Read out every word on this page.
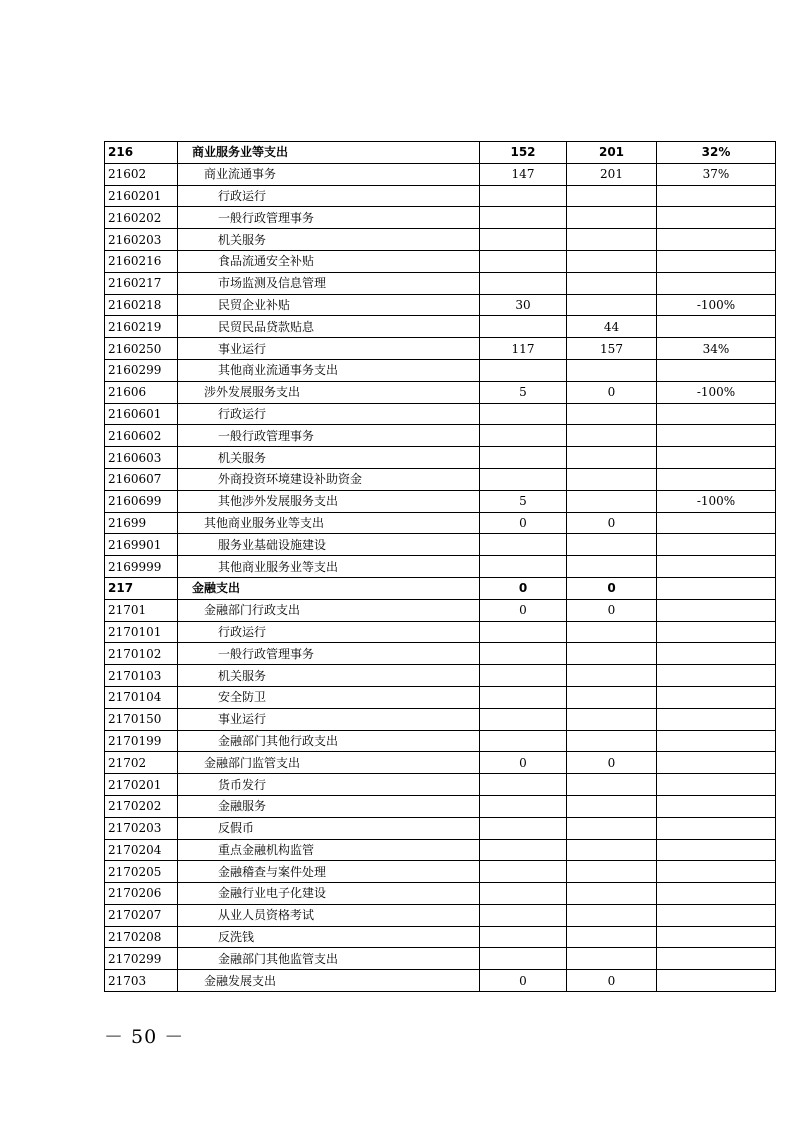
216	商业服务业等支出	152	201	32%
21602	商业流通事务	147	201	37%
2160201	行政运行			
2160202	一般行政管理事务			
2160203	机关服务			
2160216	食品流通安全补贴			
2160217	市场监测及信息管理			
2160218	民贸企业补贴	30		-100%
2160219	民贸民品贷款贴息		44	
2160250	事业运行	117	157	34%
2160299	其他商业流通事务支出			
21606	涉外发展服务支出	5	0	-100%
2160601	行政运行			
2160602	一般行政管理事务			
2160603	机关服务			
2160607	外商投资环境建设补助资金			
2160699	其他涉外发展服务支出	5		-100%
21699	其他商业服务业等支出	0	0	
2169901	服务业基础设施建设			
2169999	其他商业服务业等支出			
217	金融支出	0	0	
21701	金融部门行政支出	0	0	
2170101	行政运行			
2170102	一般行政管理事务			
2170103	机关服务			
2170104	安全防卫			
2170150	事业运行			
2170199	金融部门其他行政支出			
21702	金融部门监管支出	0	0	
2170201	货币发行			
2170202	金融服务			
2170203	反假币			
2170204	重点金融机构监管			
2170205	金融稽查与案件处理			
2170206	金融行业电子化建设			
2170207	从业人员资格考试			
2170208	反洗钱			
2170299	金融部门其他监管支出			
21703	金融发展支出	0	0	
－ 50 －
